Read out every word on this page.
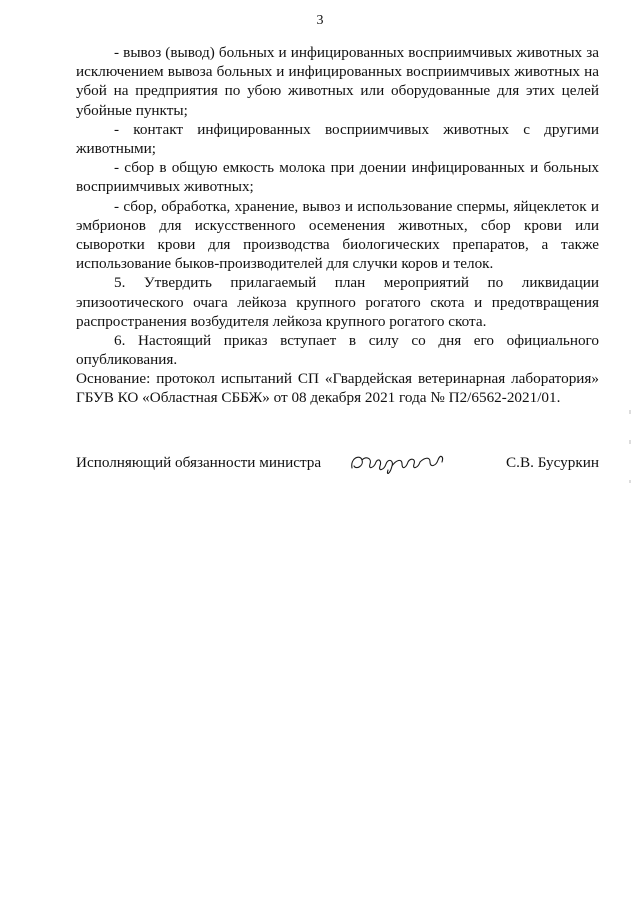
3

- вывоз (вывод) больных и инфицированных восприимчивых животных за исключением вывоза больных и инфицированных восприимчивых животных на убой на предприятия по убою животных или оборудованные для этих целей убойные пункты;

- контакт инфицированных восприимчивых животных с другими животными;

- сбор в общую емкость молока при доении инфицированных и больных восприимчивых животных;

- сбор, обработка, хранение, вывоз и использование спермы, яйцеклеток и эмбрионов для искусственного осеменения животных, сбор крови или сыворотки крови для производства биологических препаратов, а также использование быков-производителей для случки коров и телок.

5. Утвердить прилагаемый план мероприятий по ликвидации эпизоотического очага лейкоза крупного рогатого скота и предотвращения распространения возбудителя лейкоза крупного рогатого скота.

6. Настоящий приказ вступает в силу со дня его официального опубликования.

Основание: протокол испытаний СП «Гвардейская ветеринарная лаборатория» ГБУВ КО «Областная СББЖ» от 08 декабря 2021 года № П2/6562-2021/01.

Исполняющий обязанности министра	С.В. Бусуркин
